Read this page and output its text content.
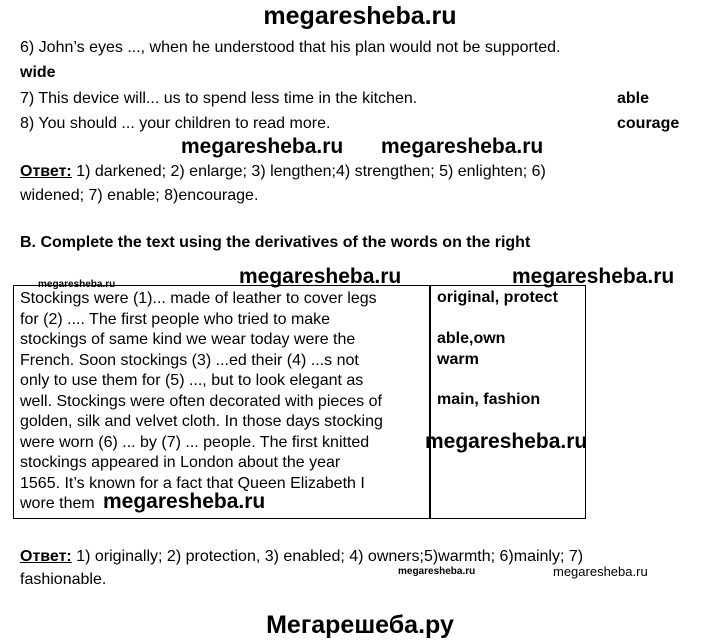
megaresheba.ru
6) John’s eyes ..., when he understood that his plan would not be supported.
wide
7) This device will... us to spend less time in the kitchen.	able
8) You should ... your children to read more.	courage
megaresheba.ru megaresheba.ru
Ответ: 1) darkened; 2) enlarge; 3) lengthen;4) strengthen; 5) enlighten; 6)
widened; 7) enable; 8)encourage.
B. Complete the text using the derivatives of the words on the right
megaresheba.ru	megaresheba.ru	megaresheba.ru

Stockings were (1)... made of leather to cover legs

for (2) .... The first people who tried to make

stockings of same kind we wear today were the

French. Soon stockings (3) ...ed their (4) ...s not

only to use them for (5) ..., but to look elegant as

well. Stockings were often decorated with pieces of

golden, silk and velvet cloth. In those days stocking

were worn (6) ... by (7) ... people. The first knitted

stockings appeared in London about the year

1565. It’s known for a fact that Queen Elizabeth I

wore them

original, protect
able,own
warm
main, fashion
megaresheba.ru
megaresheba.ru
Ответ: 1) originally; 2) protection, 3) enabled; 4) owners;5)warmth; 6)mainly; 7)
fashionable.	megaresheba.ru	megaresheba.ru
Мегарешеба.ру
